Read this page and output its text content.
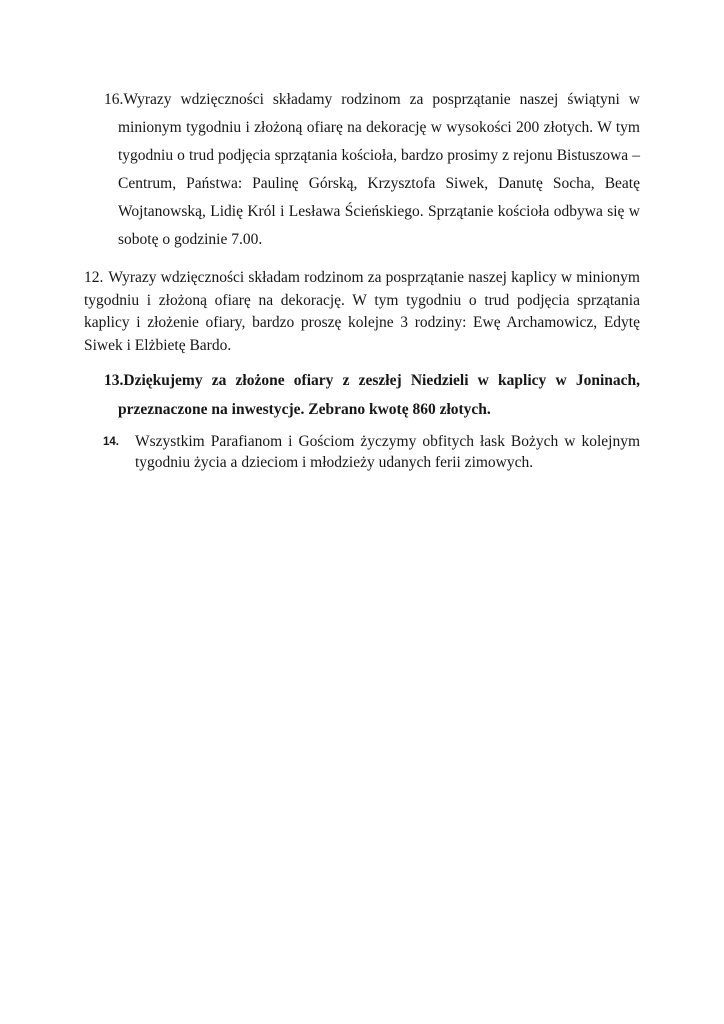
16.Wyrazy wdzięczności składamy rodzinom za posprzątanie naszej świątyni w minionym tygodniu i złożoną ofiarę na dekorację w wysokości 200 złotych. W tym tygodniu o trud podjęcia sprzątania kościoła, bardzo prosimy z rejonu Bistuszowa – Centrum, Państwa: Paulinę Górską, Krzysztofa Siwek, Danutę Socha, Beatę Wojtanowską, Lidię Król i Lesława Ścieńskiego. Sprzątanie kościoła odbywa się w sobotę o godzinie 7.00.

12. Wyrazy wdzięczności składam rodzinom za posprzątanie naszej kaplicy w minionym tygodniu i złożoną ofiarę na dekorację. W tym tygodniu o trud podjęcia sprzątania kaplicy i złożenie ofiary, bardzo proszę kolejne 3 rodziny: Ewę Archamowicz, Edytę Siwek i Elżbietę Bardo.

13.Dziękujemy za złożone ofiary z zeszłej Niedzieli w kaplicy w Joninach, przeznaczone na inwestycje. Zebrano kwotę 860 złotych.

14. Wszystkim Parafianom i Gościom życzymy obfitych łask Bożych w kolejnym tygodniu życia a dzieciom i młodzieży udanych ferii zimowych.
